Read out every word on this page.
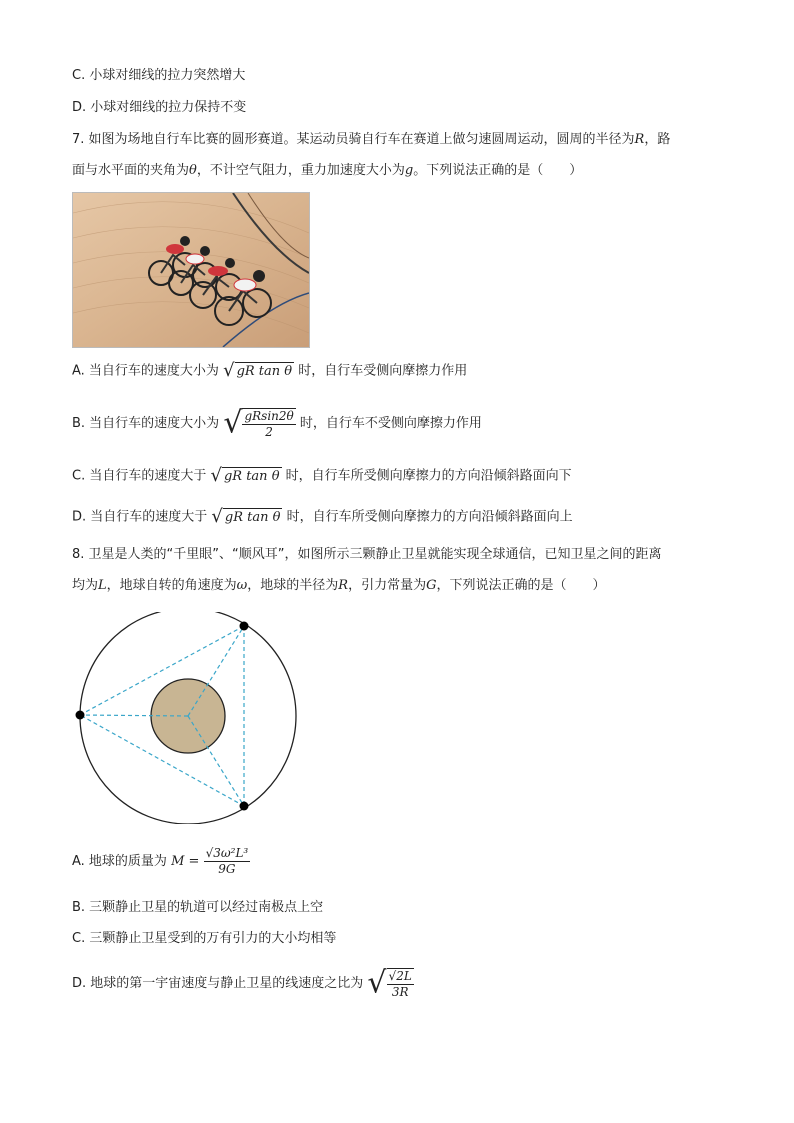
C. 小球对细线的拉力突然增大
D. 小球对细线的拉力保持不变
7. 如图为场地自行车比赛的圆形赛道。某运动员骑自行车在赛道上做匀速圆周运动，圆周的半径为R，路
面与水平面的夹角为θ，不计空气阻力，重力加速度大小为g。下列说法正确的是（　　）
A. 当自行车的速度大小为 √ gR tan θ 时，自行车受侧向摩擦力作用
B. 当自行车的速度大小为 √ $\frac{gRsin2\theta}{2}$ 时，自行车不受侧向摩擦力作用
C. 当自行车的速度大于 √ gR tan θ 时，自行车所受侧向摩擦力的方向沿倾斜路面向下
D. 当自行车的速度大于 √ gR tan θ 时，自行车所受侧向摩擦力的方向沿倾斜路面向上
8. 卫星是人类的“千里眼”、“顺风耳”，如图所示三颗静止卫星就能实现全球通信，已知卫星之间的距离
均为L，地球自转的角速度为ω，地球的半径为R，引力常量为G，下列说法正确的是（　　）
A. 地球的质量为 $M = \frac{\text{√3ω²L³}}{9G}$
B. 三颗静止卫星的轨道可以经过南极点上空
C. 三颗静止卫星受到的万有引力的大小均相等
D. 地球的第一宇宙速度与静止卫星的线速度之比为 √ $\frac{√2L}{3R}$
